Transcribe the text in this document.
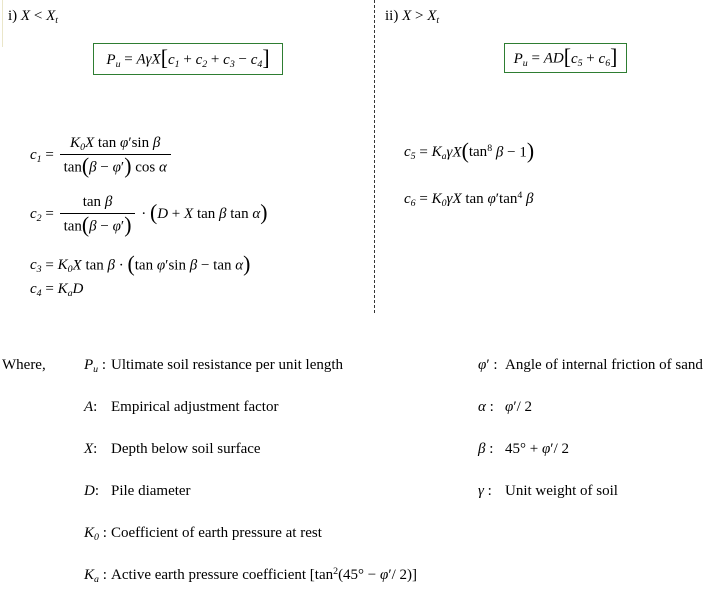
i) $X < X_t$	ii) $X > X_t$
$P_u = A\gamma X[c_1 + c_2 + c_3 - c_4]$	$P_u = AD[c_5 + c_6]$
$c_1 = \frac{K_0X \tan \varphi'\sin \beta}{\text{tan(β − φ′) cos α}}$
$c_2 = \frac{\text{tan β}}{\tan(\beta - \varphi')} \cdot (D + X$ tan β tan α)
$c_3 = K_0X$ tan β · (tan φ′sin β − tan α)
$c_4 = K_aD$
$c_5 = K_a\gamma X(\tan^8$ β − 1)
$c_6 = K_0\gamma X$ $\tan \varphi'\tan^4$ β
Where,	$P_u$ : Ultimate soil resistance per unit length
A: Empirical adjustment factor
X: Depth below soil surface
D: Pile diameter
$K_0$ : Coefficient of earth pressure at rest
$K_a$ : Active earth pressure coefficient [$\tan^2(45^\circ - \varphi'/$ 2)]
φ′ : Angle of internal friction of sand
α : φ′/ 2
β : 45° + φ′/ 2
γ : Unit weight of soil
